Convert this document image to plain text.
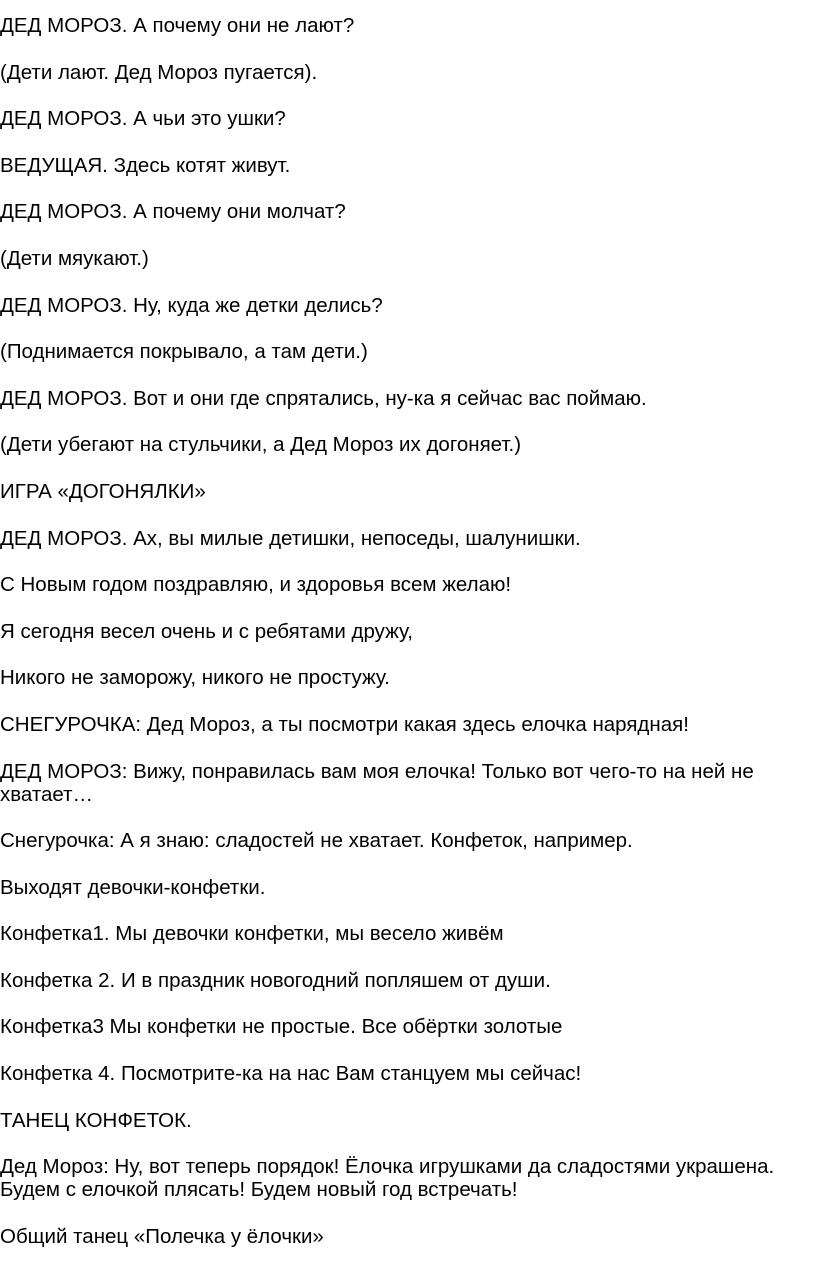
ДЕД МОРОЗ. А почему они не лают?

(Дети лают. Дед Мороз пугается).

ДЕД МОРОЗ. А чьи это ушки?

ВЕДУЩАЯ. Здесь котят живут.

ДЕД МОРОЗ. А почему они молчат?

(Дети мяукают.)

ДЕД МОРОЗ. Ну, куда же детки делись?

(Поднимается покрывало, а там дети.)

ДЕД МОРОЗ. Вот и они где спрятались, ну-ка я сейчас вас поймаю.

(Дети убегают на стульчики, а Дед Мороз их догоняет.)

ИГРА «ДОГОНЯЛКИ»

ДЕД МОРОЗ. Ах, вы милые детишки, непоседы, шалунишки.

С Новым годом поздравляю, и здоровья всем желаю!

Я сегодня весел очень и с ребятами дружу,

Никого не заморожу, никого не простужу.

СНЕГУРОЧКА: Дед Мороз, а ты посмотри какая здесь елочка нарядная!

ДЕД МОРОЗ: Вижу, понравилась вам моя елочка! Только вот чего-то на ней не хватает…

Снегурочка: А я знаю: сладостей не хватает. Конфеток, например.

Выходят девочки-конфетки.

Конфетка1. Мы девочки конфетки, мы весело живём

Конфетка 2. И в праздник новогодний попляшем от души.

Конфетка3 Мы конфетки не простые. Все обёртки золотые

Конфетка 4. Посмотрите-ка на нас Вам станцуем мы сейчас!

ТАНЕЦ КОНФЕТОК.

Дед Мороз: Ну, вот теперь порядок! Ёлочка игрушками да сладостями украшена. Будем с елочкой плясать! Будем новый год встречать!

Общий танец «Полечка у ёлочки»
